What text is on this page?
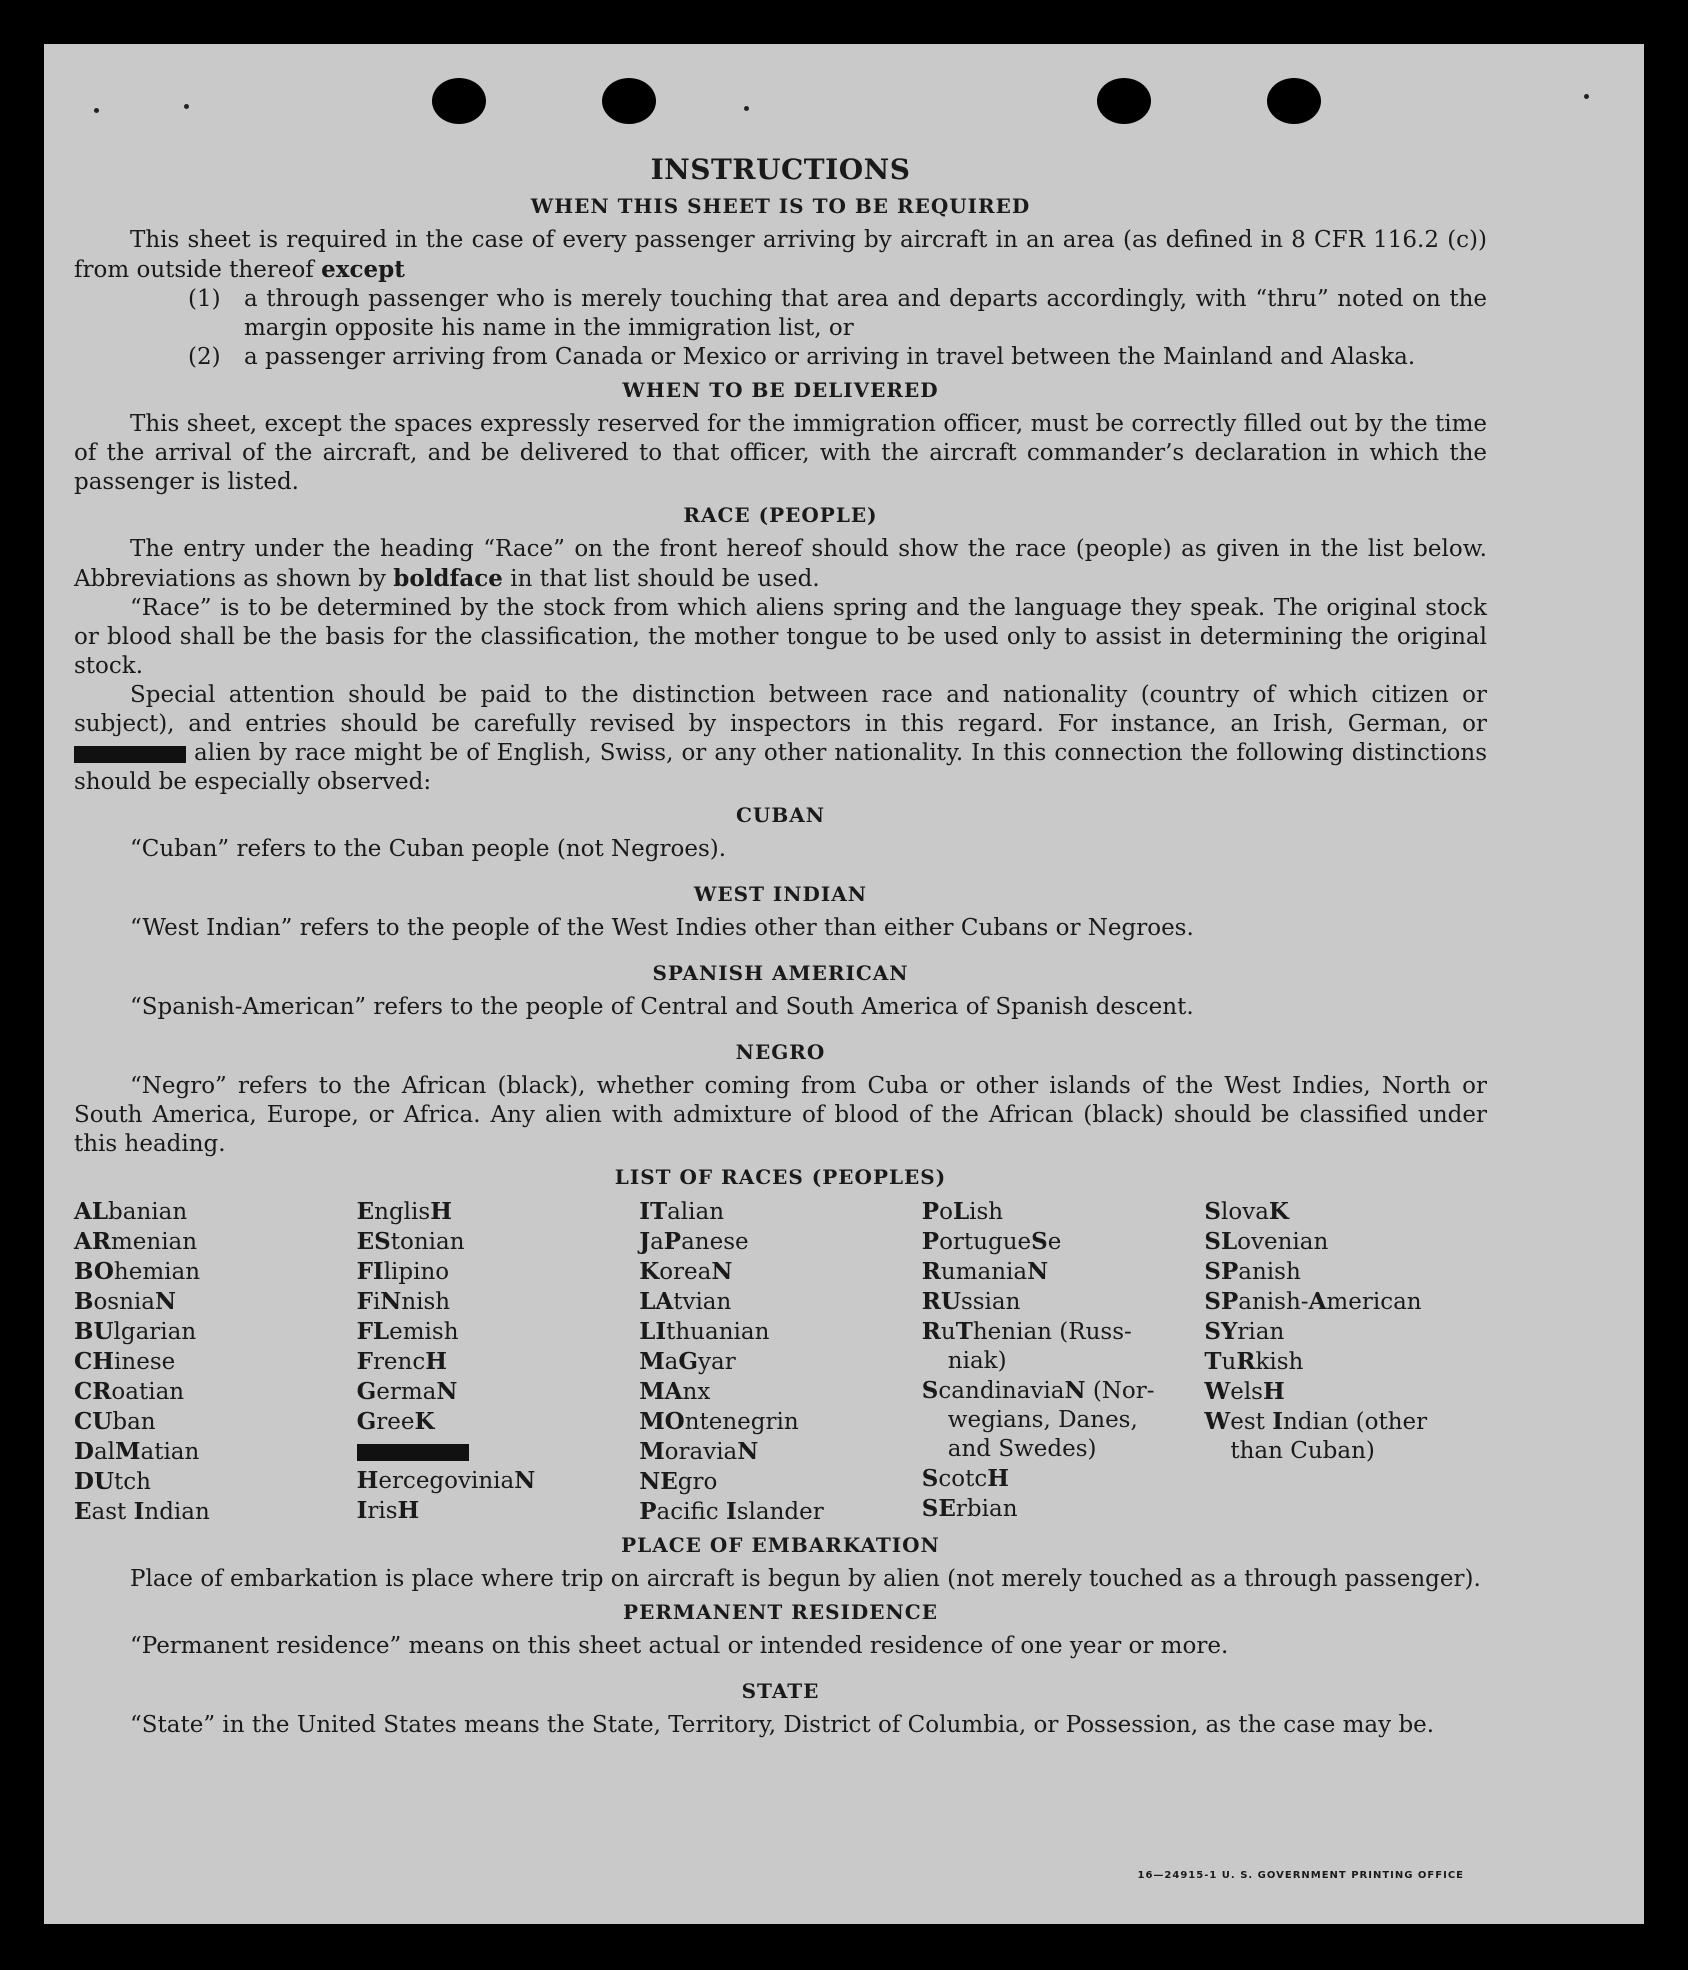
INSTRUCTIONS
WHEN THIS SHEET IS TO BE REQUIRED

This sheet is required in the case of every passenger arriving by aircraft in an area (as defined in 8 CFR 116.2 (c)) from outside thereof except

(1)	a through passenger who is merely touching that area and departs accordingly, with “thru” noted on the margin opposite his name in the immigration list, or
(2)	a passenger arriving from Canada or Mexico or arriving in travel between the Mainland and Alaska.
WHEN TO BE DELIVERED

This sheet, except the spaces expressly reserved for the immigration officer, must be correctly filled out by the time of the arrival of the aircraft, and be delivered to that officer, with the aircraft commander’s declaration in which the passenger is listed.

RACE (PEOPLE)

The entry under the heading “Race” on the front hereof should show the race (people) as given in the list below. Abbreviations as shown by boldface in that list should be used.

“Race” is to be determined by the stock from which aliens spring and the language they speak. The original stock or blood shall be the basis for the classification, the mother tongue to be used only to assist in determining the original stock.

Special attention should be paid to the distinction between race and nationality (country of which citizen or subject), and entries should be carefully revised by inspectors in this regard. For instance, an Irish, German, or  alien by race might be of English, Swiss, or any other nationality. In this connection the following distinctions should be especially observed:

CUBAN

“Cuban” refers to the Cuban people (not Negroes).

WEST INDIAN

“West Indian” refers to the people of the West Indies other than either Cubans or Negroes.

SPANISH AMERICAN

“Spanish-American” refers to the people of Central and South America of Spanish descent.

NEGRO

“Negro” refers to the African (black), whether coming from Cuba or other islands of the West Indies, North or South America, Europe, or Africa. Any alien with admixture of blood of the African (black) should be classified under this heading.

LIST OF RACES (PEOPLES)
ALbanian
ARmenian
BOhemian
BosniaN
BUlgarian
CHinese
CRoatian
CUban
DalMatian
DUtch
East Indian
EnglisH
EStonian
FIlipino
FiNnish
FLemish
FrencH
GermaN
GreeK
HercegoviniaN
IrisH
ITalian
JaPanese
KoreaN
LAtvian
LIthuanian
MaGyar
MAnx
MOntenegrin
MoraviaN
NEgro
Pacific Islander
PoLish
PortugueSe
RumaniaN
RUssian
RuThenian (Russ-
niak)
ScandinaviaN (Nor-
wegians, Danes,
and Swedes)
ScotcH
SErbian
SlovaK
SLovenian
SPanish
SPanish-American
SYrian
TuRkish
WelsH
West Indian (other
than Cuban)
PLACE OF EMBARKATION

Place of embarkation is place where trip on aircraft is begun by alien (not merely touched as a through passenger).

PERMANENT RESIDENCE

“Permanent residence” means on this sheet actual or intended residence of one year or more.

STATE

“State” in the United States means the State, Territory, District of Columbia, or Possession, as the case may be.

16—24915-1 U. S. GOVERNMENT PRINTING OFFICE
